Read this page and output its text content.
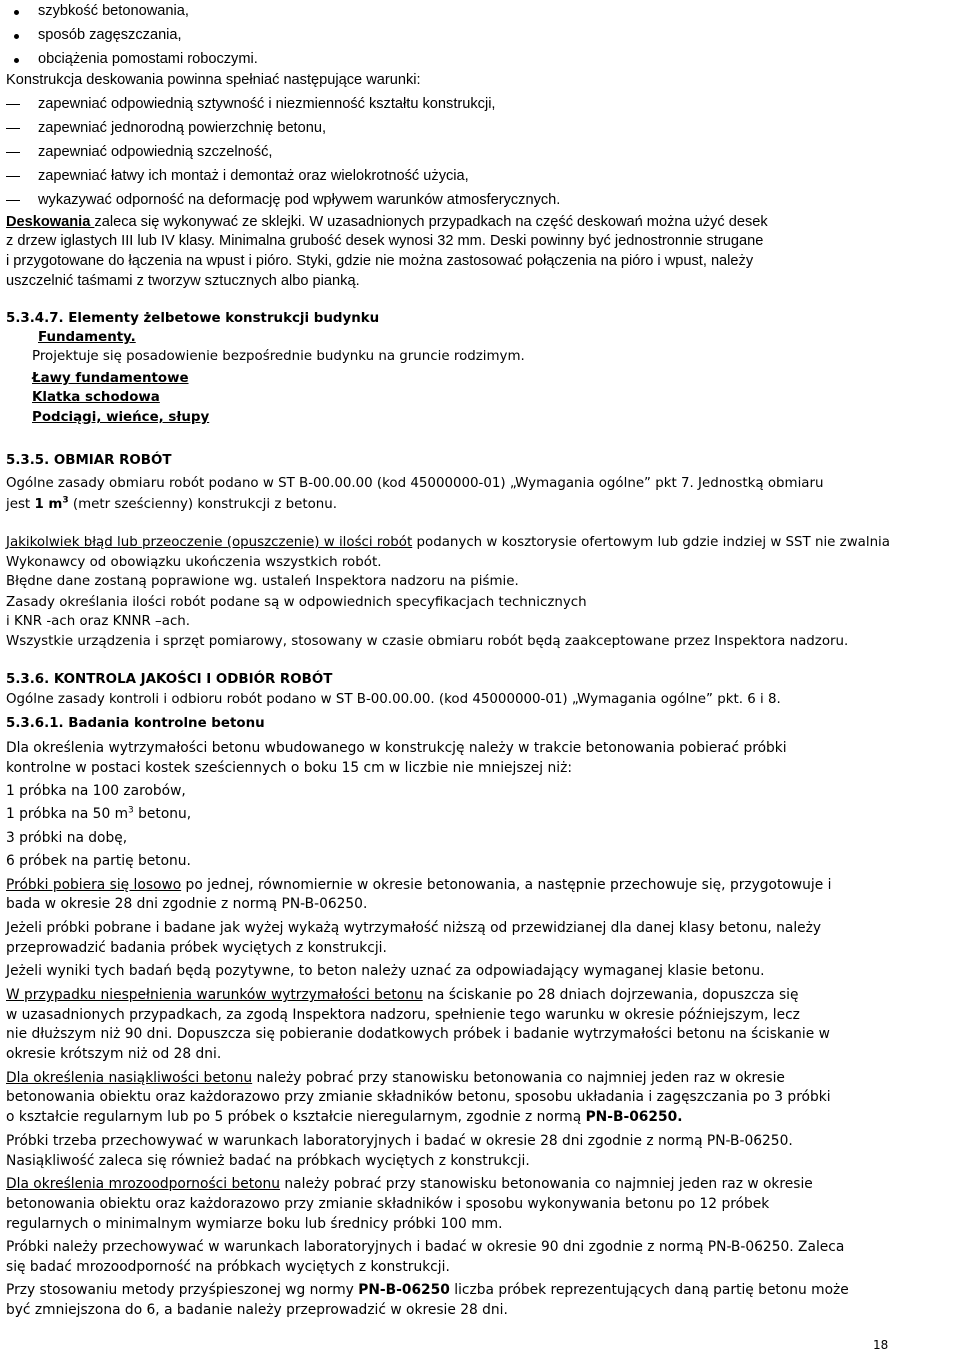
szybkość betonowania,
sposób zagęszczania,
obciążenia pomostami roboczymi.
Konstrukcja deskowania powinna spełniać następujące warunki:
zapewniać odpowiednią sztywność i niezmienność kształtu konstrukcji,
zapewniać jednorodną powierzchnię betonu,
zapewniać odpowiednią szczelność,
zapewniać łatwy ich montaż i demontaż oraz wielokrotność użycia,
wykazywać odporność na deformację pod wpływem warunków atmosferycznych.
Deskowania zaleca się wykonywać ze sklejki. W uzasadnionych przypadkach na część deskowań można użyć desek
z drzew iglastych III lub IV klasy. Minimalna grubość desek wynosi 32 mm. Deski powinny być jednostronnie strugane
i przygotowane do łączenia na wpust i pióro. Styki, gdzie nie można zastosować połączenia na pióro i wpust, należy
uszczelnić taśmami z tworzyw sztucznych albo pianką.
5.3.4.7. Elementy żelbetowe konstrukcji budynku
Fundamenty.
Projektuje się posadowienie bezpośrednie budynku na gruncie rodzimym.
Ławy fundamentowe
Klatka schodowa
Podciągi, wieńce, słupy
5.3.5. OBMIAR ROBÓT
Ogólne zasady obmiaru robót podano w ST B-00.00.00 (kod 45000000-01) „Wymagania ogólne” pkt 7. Jednostką obmiaru
jest 1 $m^3$ (metr sześcienny) konstrukcji z betonu.
Jakikolwiek błąd lub przeoczenie (opuszczenie) w ilości robót podanych w kosztorysie ofertowym lub gdzie indziej w SST nie zwalnia
Wykonawcy od obowiązku ukończenia wszystkich robót.
Błędne dane zostaną poprawione wg. ustaleń Inspektora nadzoru na piśmie.
Zasady określania ilości robót podane są w odpowiednich specyfikacjach technicznych
i KNR -ach oraz KNNR –ach.
Wszystkie urządzenia i sprzęt pomiarowy, stosowany w czasie obmiaru robót będą zaakceptowane przez Inspektora nadzoru.
5.3.6. KONTROLA JAKOŚCI I ODBIÓR ROBÓT
Ogólne zasady kontroli i odbioru robót podano w ST B-00.00.00. (kod 45000000-01) „Wymagania ogólne” pkt. 6 i 8.
5.3.6.1. Badania kontrolne betonu
Dla określenia wytrzymałości betonu wbudowanego w konstrukcję należy w trakcie betonowania pobierać próbki
kontrolne w postaci kostek sześciennych o boku 15 cm w liczbie nie mniejszej niż:
1 próbka na 100 zarobów,
1 próbka na 50 $m^3$ betonu,
3 próbki na dobę,
6 próbek na partię betonu.
Próbki pobiera się losowo po jednej, równomiernie w okresie betonowania, a następnie przechowuje się, przygotowuje i
bada w okresie 28 dni zgodnie z normą PN-B-06250.
Jeżeli próbki pobrane i badane jak wyżej wykażą wytrzymałość niższą od przewidzianej dla danej klasy betonu, należy
przeprowadzić badania próbek wyciętych z konstrukcji.
Jeżeli wyniki tych badań będą pozytywne, to beton należy uznać za odpowiadający wymaganej klasie betonu.
W przypadku niespełnienia warunków wytrzymałości betonu na ściskanie po 28 dniach dojrzewania, dopuszcza się
w uzasadnionych przypadkach, za zgodą Inspektora nadzoru, spełnienie tego warunku w okresie późniejszym, lecz
nie dłuższym niż 90 dni. Dopuszcza się pobieranie dodatkowych próbek i badanie wytrzymałości betonu na ściskanie w
okresie krótszym niż od 28 dni.
Dla określenia nasiąkliwości betonu należy pobrać przy stanowisku betonowania co najmniej jeden raz w okresie
betonowania obiektu oraz każdorazowo przy zmianie składników betonu, sposobu układania i zagęszczania po 3 próbki
o kształcie regularnym lub po 5 próbek o kształcie nieregularnym, zgodnie z normą PN-B-06250.
Próbki trzeba przechowywać w warunkach laboratoryjnych i badać w okresie 28 dni zgodnie z normą PN-B-06250.
Nasiąkliwość zaleca się również badać na próbkach wyciętych z konstrukcji.
Dla określenia mrozoodporności betonu należy pobrać przy stanowisku betonowania co najmniej jeden raz w okresie
betonowania obiektu oraz każdorazowo przy zmianie składników i sposobu wykonywania betonu po 12 próbek
regularnych o minimalnym wymiarze boku lub średnicy próbki 100 mm.
Próbki należy przechowywać w warunkach laboratoryjnych i badać w okresie 90 dni zgodnie z normą PN-B-06250. Zaleca
się badać mrozoodporność na próbkach wyciętych z konstrukcji.
Przy stosowaniu metody przyśpieszonej wg normy PN-B-06250 liczba próbek reprezentujących daną partię betonu może
być zmniejszona do 6, a badanie należy przeprowadzić w okresie 28 dni.
18
